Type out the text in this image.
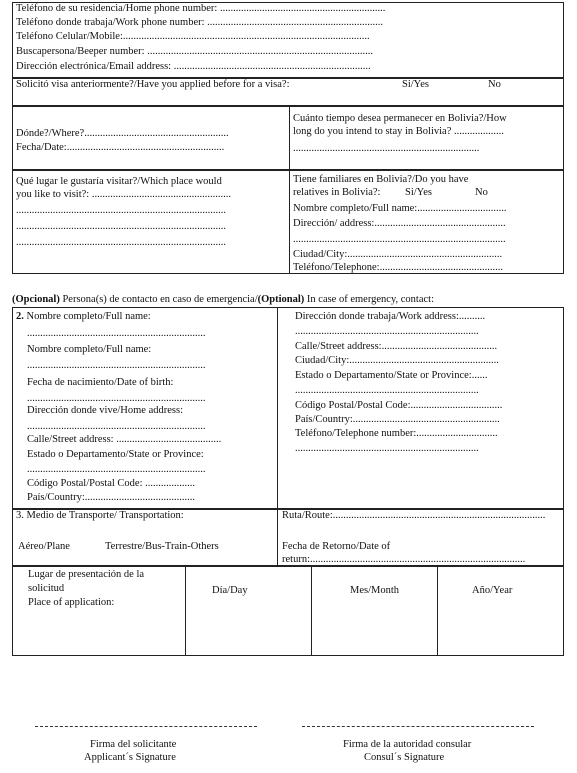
Teléfono de su residencia/Home phone number: ...............................................................
Teléfono donde trabaja/Work phone number: ...................................................................
Teléfono Celular/Mobile:..............................................................................................
Buscapersona/Beeper number: ......................................................................................
Dirección electrónica/Email address: ...........................................................................
Solicitó visa anteriormente?/Have you applied before for a visa?:	Si/Yes	No
Dónde?/Where?.......................................................
Fecha/Date:............................................................
Cuánto tiempo desea permanecer en Bolivia?/How
long do you intend to stay in Bolivia? ...................
.......................................................................
Qué lugar le gustaría visitar?/Which place would
you like to visit?: .....................................................
................................................................................
................................................................................
................................................................................
Tiene familiares en Bolivia?/Do you have
relatives in Bolivia?: Si/Yes	No
Nombre completo/Full name:..................................
Dirección/ address:..................................................
.................................................................................
Ciudad/City:...........................................................
Teléfono/Telephone:...............................................
(Opcional) Persona(s) de contacto en caso de emergencia/(Optional) In case of emergency, contact:
2. Nombre completo/Full name:
....................................................................
Nombre completo/Full name:
....................................................................
Fecha de nacimiento/Date of birth:
....................................................................
Dirección donde vive/Home address:
....................................................................
Calle/Street address: ........................................
Estado o Departamento/State or Province:
....................................................................
Código Postal/Postal Code: ...................
País/Country:..........................................
Dirección donde trabaja/Work address:..........
......................................................................
Calle/Street address:............................................
Ciudad/City:.........................................................
Estado o Departamento/State or Province:......
......................................................................
Código Postal/Postal Code:...................................
País/Country:........................................................
Teléfono/Telephone number:...............................
......................................................................
3. Medio de Transporte/ Transportation:
Aéreo/Plane	Terrestre/Bus-Train-Others
Ruta/Route:.................................................................................
Fecha de Retorno/Date of
return:..................................................................................
Lugar de presentación de la
solicitud
Place of application:
Día/Day	Mes/Month	Año/Year
Firma del solicitante
Applicant´s Signature
Firma de la autoridad consular
Consul´s Signature
